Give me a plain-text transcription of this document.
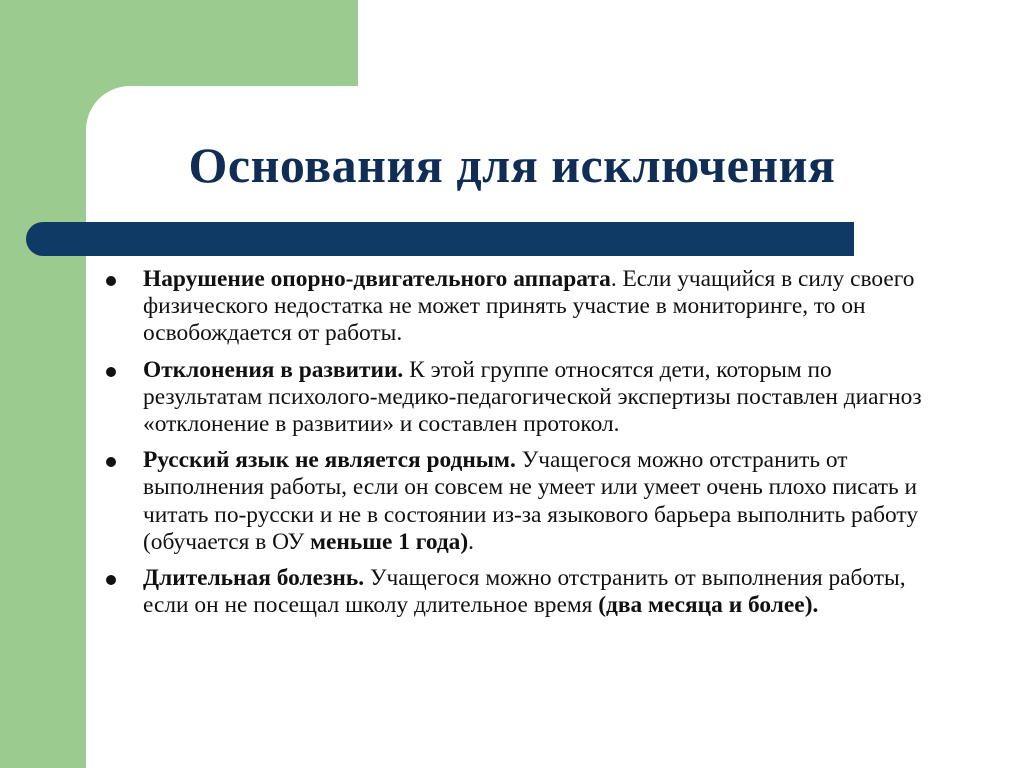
Основания для исключения
Нарушение опорно-двигательного аппарата. Если учащийся в силу своего физического недостатка не может принять участие в мониторинге, то он освобождается от работы.
Отклонения в развитии. К этой группе относятся дети, которым по результатам психолого-медико-педагогической экспертизы поставлен диагноз «отклонение в развитии» и составлен протокол.
Русский язык не является родным. Учащегося можно отстранить от выполнения работы, если он совсем не умеет или умеет очень плохо писать и читать по-русски и не в состоянии из-за языкового барьера выполнить работу (обучается в ОУ меньше 1 года).
Длительная болезнь. Учащегося можно отстранить от выполнения работы, если он не посещал школу длительное время (два месяца и более).
